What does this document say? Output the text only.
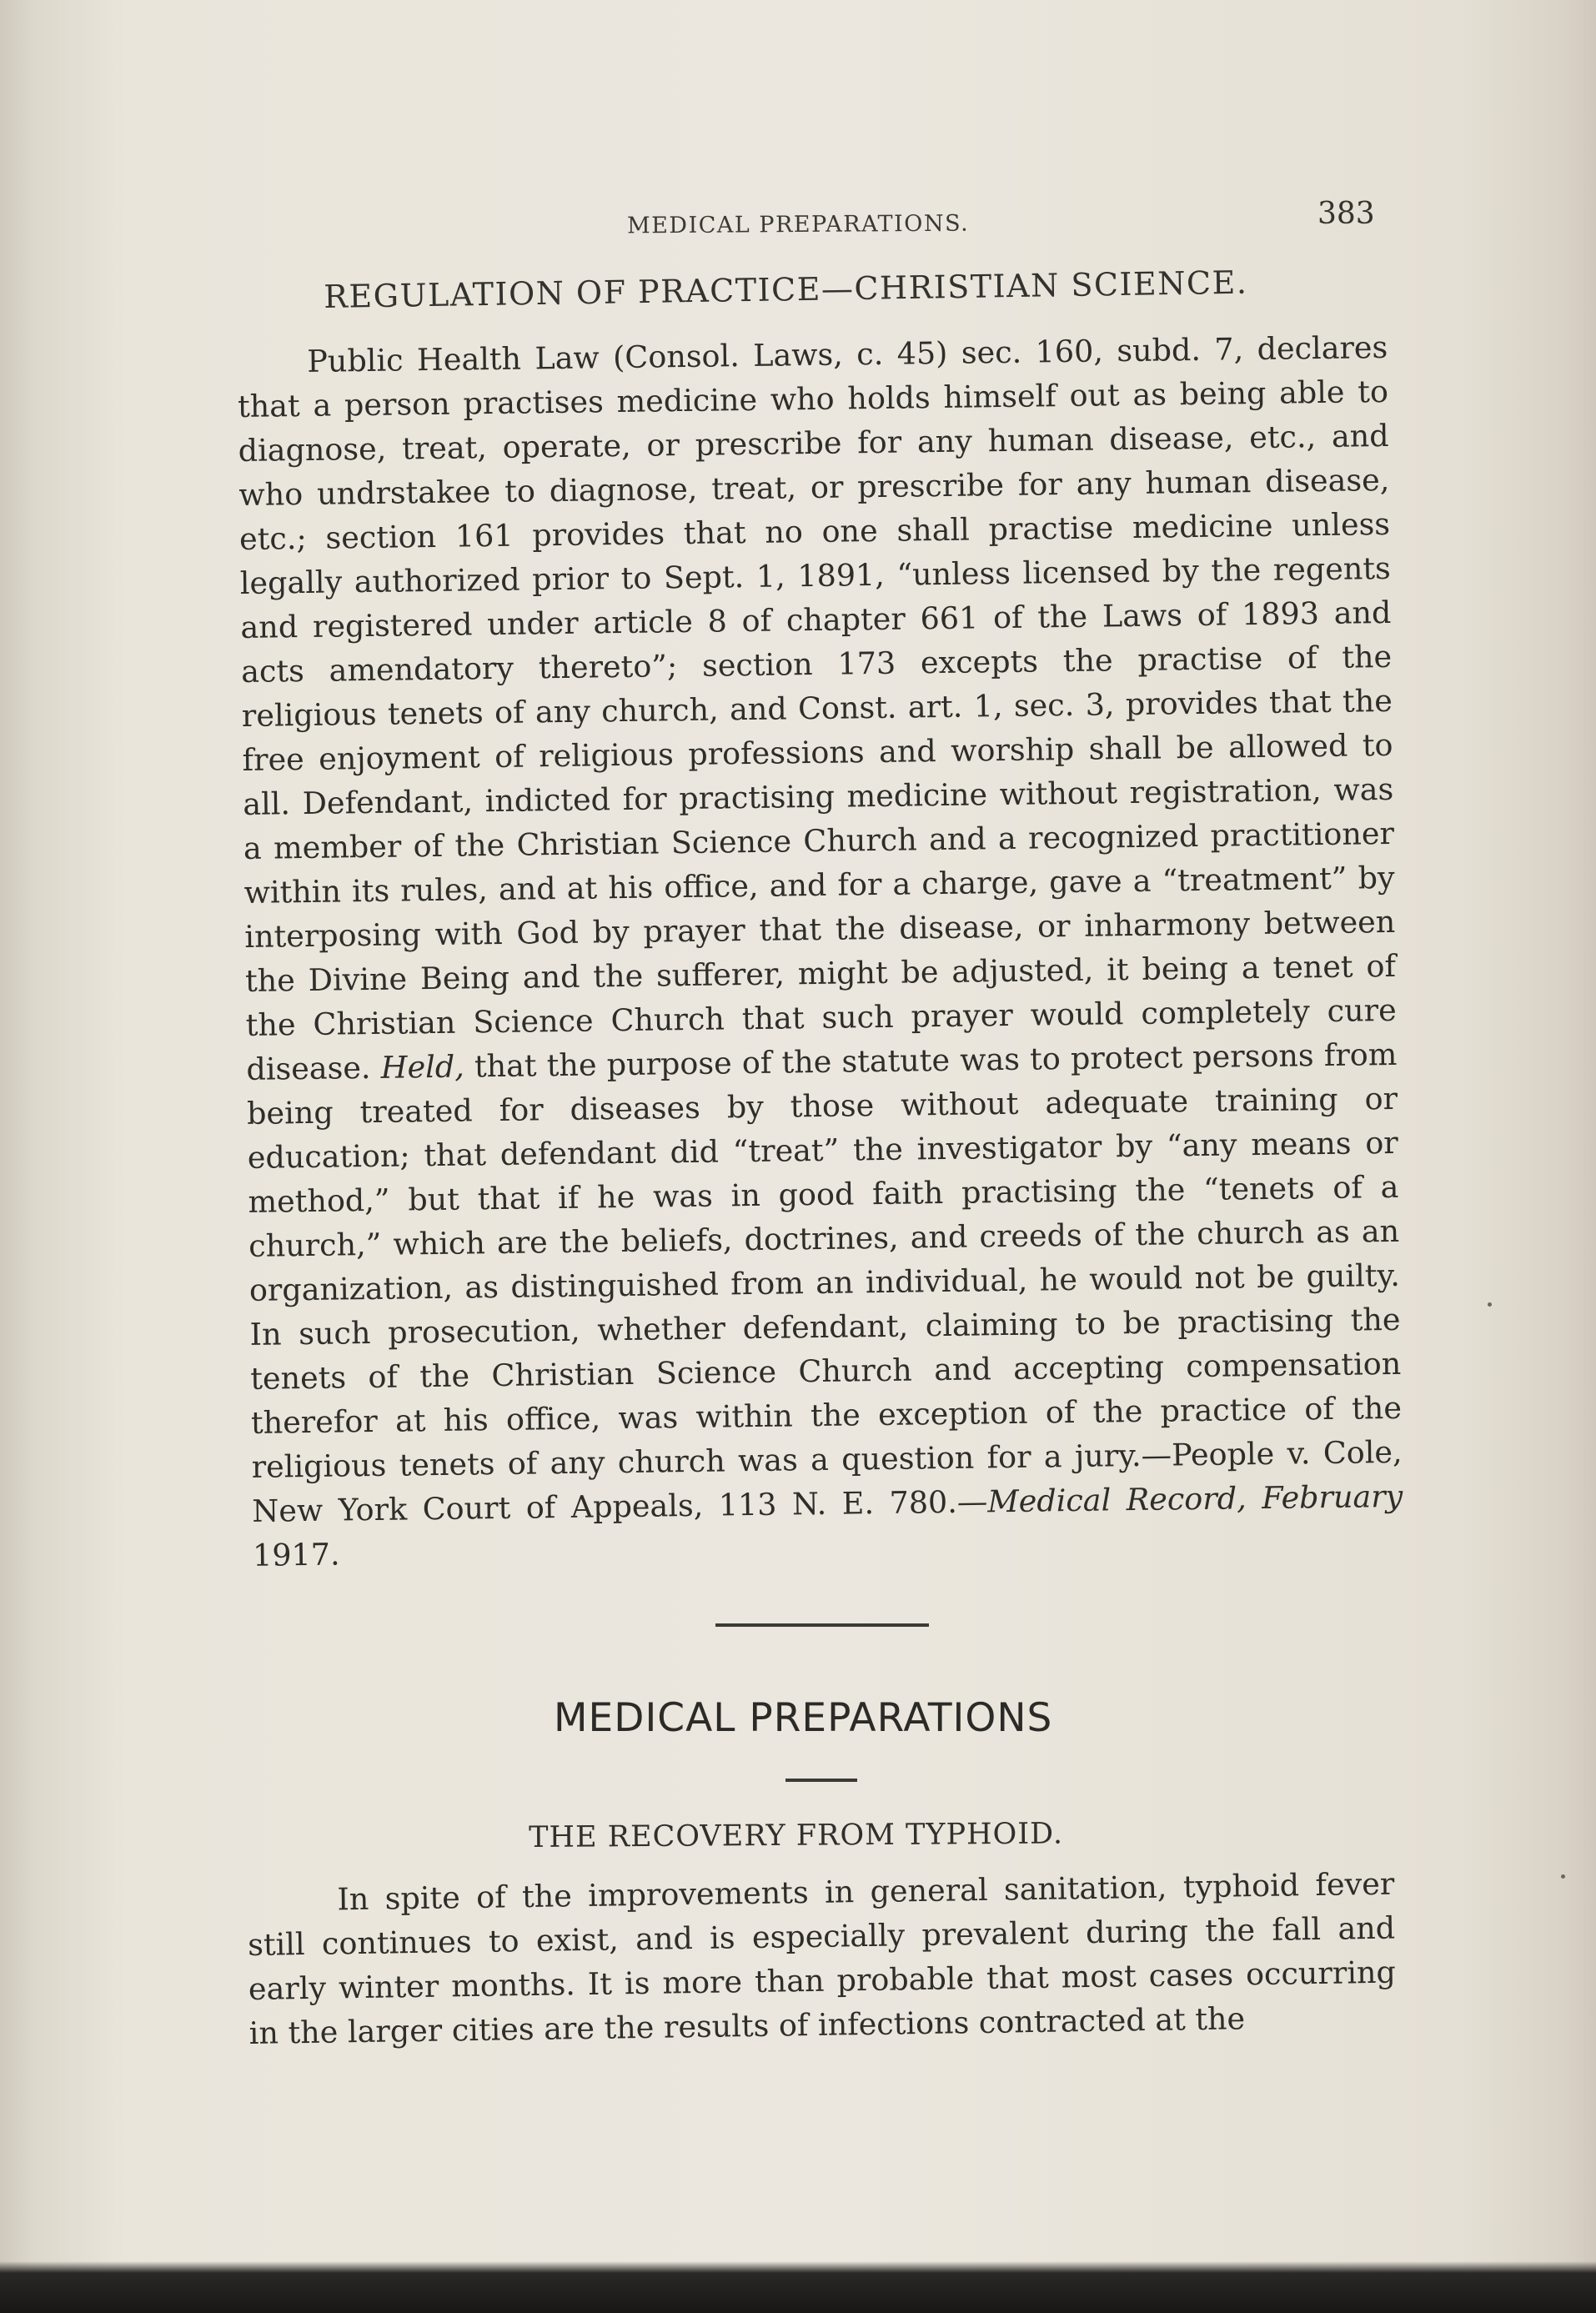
MEDICAL PREPARATIONS.	383
REGULATION OF PRACTICE—CHRISTIAN SCIENCE.
Public Health Law (Consol. Laws, c. 45) sec. 160, subd. 7, declares that a person practises medicine who holds himself out as being able to diagnose, treat, operate, or prescribe for any human disease, etc., and who undrstakee to diagnose, treat, or prescribe for any human disease, etc.; section 161 provides that no one shall practise medicine unless legally authorized prior to Sept. 1, 1891, “unless licensed by the regents and registered under article 8 of chapter 661 of the Laws of 1893 and acts amendatory thereto”; section 173 excepts the practise of the religious tenets of any church, and Const. art. 1, sec. 3, provides that the free enjoyment of religious professions and worship shall be allowed to all. Defendant, indicted for practising medicine without registration, was a member of the Christian Science Church and a recognized practitioner within its rules, and at his office, and for a charge, gave a “treatment” by interposing with God by prayer that the disease, or inharmony between the Divine Being and the sufferer, might be adjusted, it being a tenet of the Christian Science Church that such prayer would completely cure disease. Held, that the purpose of the statute was to protect persons from being treated for diseases by those without adequate training or education; that defendant did “treat” the investigator by “any means or method,” but that if he was in good faith practising the “tenets of a church,” which are the beliefs, doctrines, and creeds of the church as an organization, as distinguished from an individual, he would not be guilty. In such prosecution, whether defendant, claiming to be practising the tenets of the Christian Science Church and accepting compensation therefor at his office, was within the exception of the practice of the religious tenets of any church was a question for a jury.—People v. Cole, New York Court of Appeals, 113 N. E. 780.—Medical Record, February 1917.
MEDICAL PREPARATIONS
THE RECOVERY FROM TYPHOID.
In spite of the improvements in general sanitation, typhoid fever still continues to exist, and is especially prevalent during the fall and early winter months. It is more than probable that most cases occurring in the larger cities are the results of infections contracted at the
